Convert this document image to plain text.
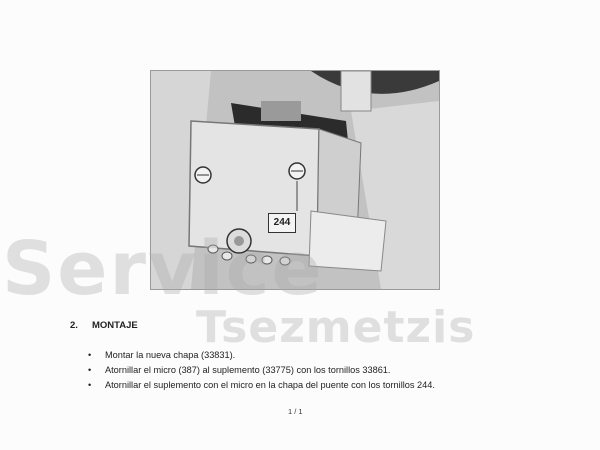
244
Service
Tsezmetzis
2. MONTAJE
• Montar la nueva chapa (33831).
• Atornillar el micro (387) al suplemento (33775) con los tornillos 33861.
• Atornillar el suplemento con el micro en la chapa del puente con los tornillos 244.
1 / 1
